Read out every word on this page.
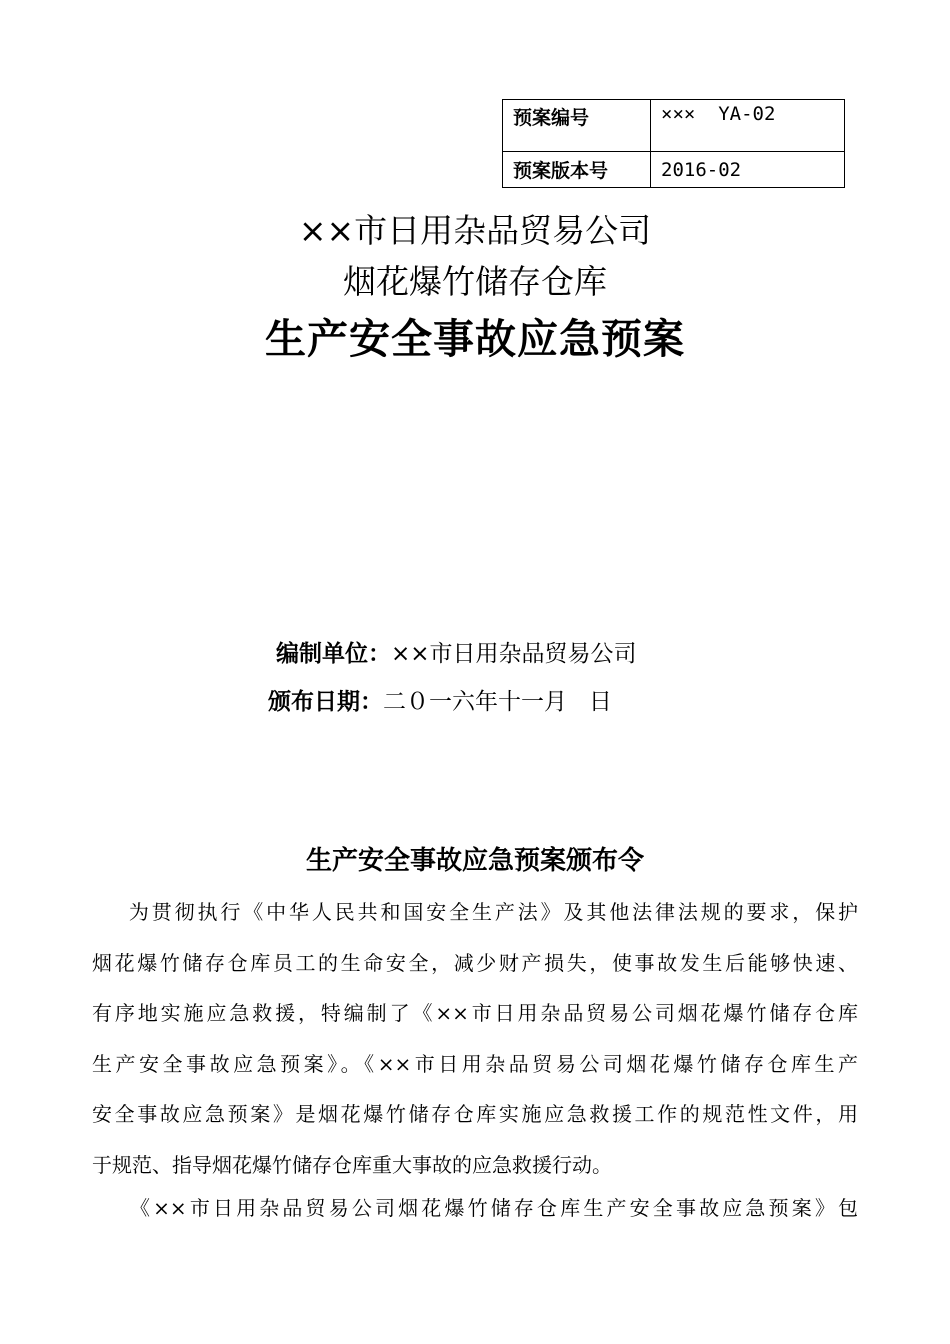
预案编号	×××  YA-02
预案版本号	2016-02
××市日用杂品贸易公司
烟花爆竹储存仓库
生产安全事故应急预案
编制单位：××市日用杂品贸易公司
颁布日期：二０一六年十一月   日
生产安全事故应急预案颁布令
为贯彻执行《中华人民共和国安全生产法》及其他法律法规的要求，保护
烟花爆竹储存仓库员工的生命安全，减少财产损失，使事故发生后能够快速、
有序地实施应急救援，特编制了《××市日用杂品贸易公司烟花爆竹储存仓库
生产安全事故应急预案》。《××市日用杂品贸易公司烟花爆竹储存仓库生产
安全事故应急预案》是烟花爆竹储存仓库实施应急救援工作的规范性文件，用
于规范、指导烟花爆竹储存仓库重大事故的应急救援行动。
《××市日用杂品贸易公司烟花爆竹储存仓库生产安全事故应急预案》包
